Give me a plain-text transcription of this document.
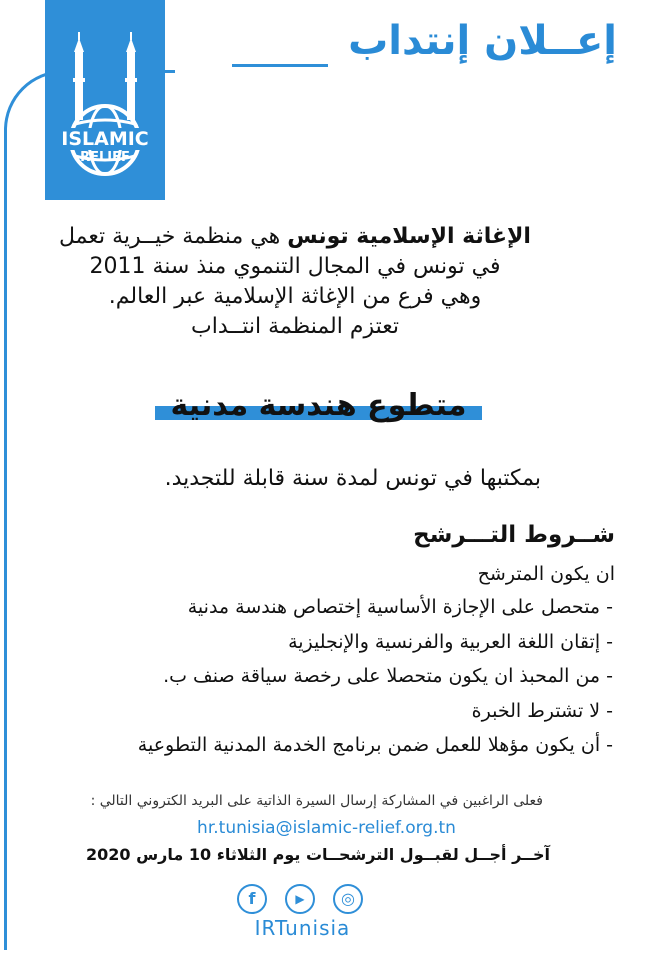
إعــلان إنتداب
ISLAMIC
RELIEF

الإغاثة الإسلامية تونس هي منظمة خيــرية تعمل

في تونس في المجال التنموي منذ سنة 2011

وهي فرع من الإغاثة الإسلامية عبر العالم.

تعتزم المنظمة انتــداب

متطوع هندسة مدنية
بمكتبها في تونس لمدة سنة قابلة للتجديد.
شــروط التـــرشح
ان يكون المترشح
- متحصل على الإجازة الأساسية إختصاص هندسة مدنية
- إتقان اللغة العربية والفرنسية والإنجليزية
- من المحبذ ان يكون متحصلا على رخصة سياقة صنف ب.
- لا تشترط الخبرة
- أن يكون مؤهلا للعمل ضمن برنامج الخدمة المدنية التطوعية
فعلى الراغبين في المشاركة إرسال السيرة الذاتية على البريد الكتروني التالي :
hr.tunisia@islamic-relief.org.tn
آخــر أجــل لقبــول الترشحــات يوم الثلاثاء 10 مارس 2020
f	▶	◎
IRTunisia
